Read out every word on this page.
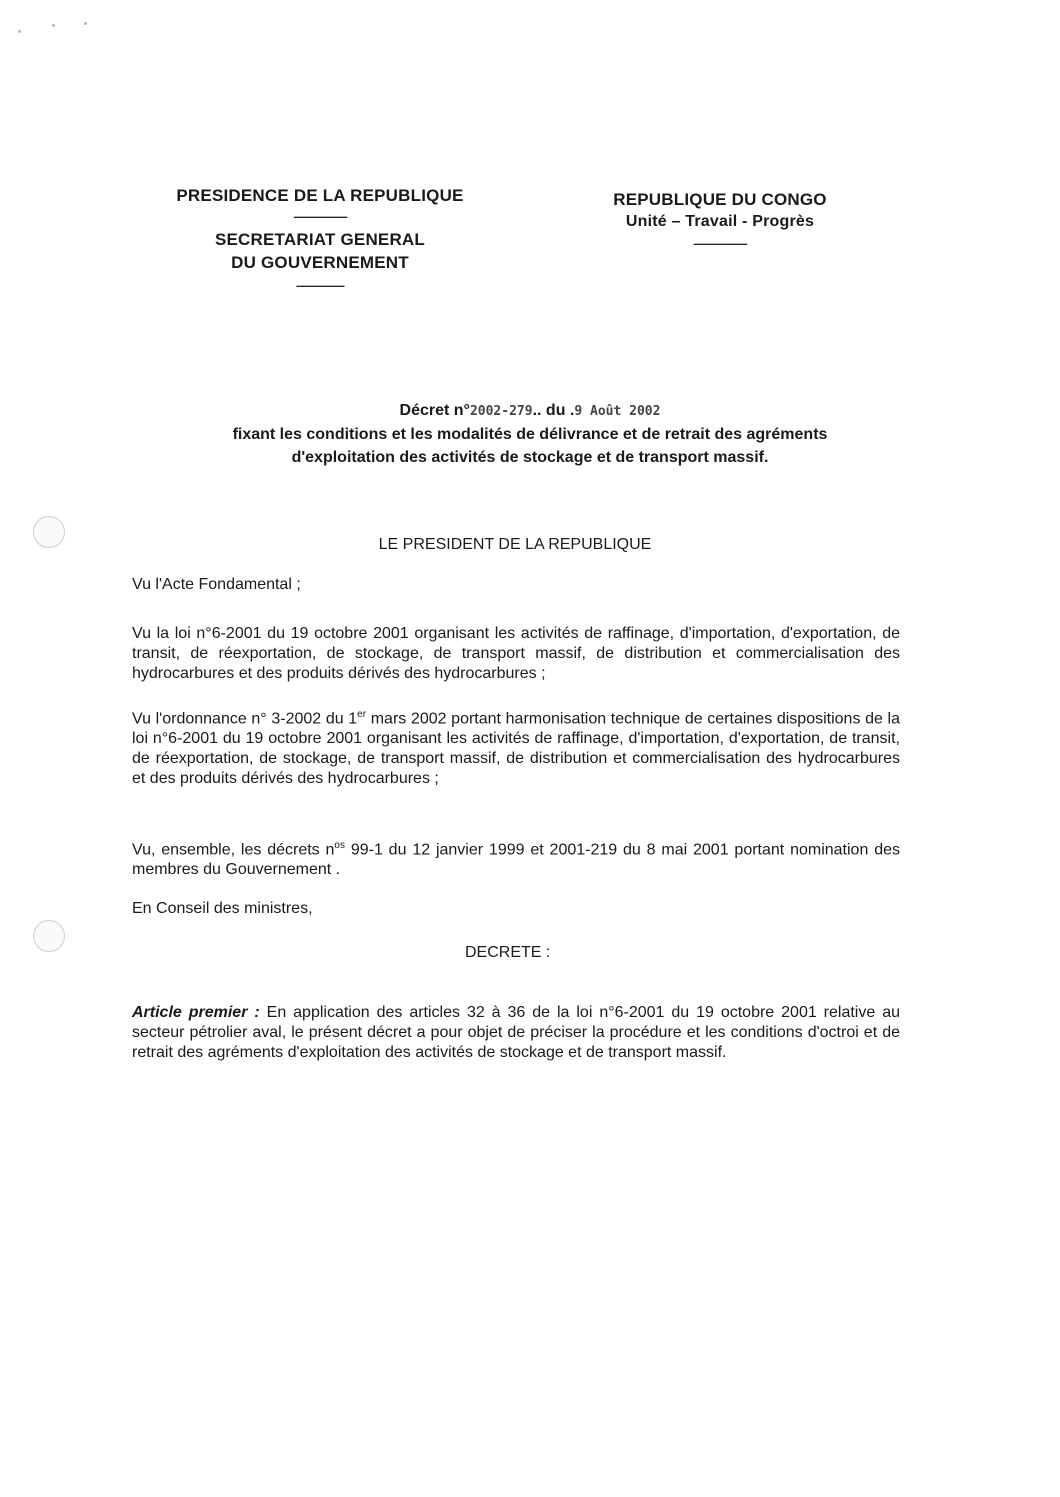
PRESIDENCE DE LA REPUBLIQUE
--------------------
SECRETARIAT GENERAL
DU GOUVERNEMENT
------------------
REPUBLIQUE DU CONGO
Unité – Travail - Progrès
--------------------
Décret n°2002-279.. du .9 Août 2002
fixant les conditions et les modalités de délivrance et de retrait des agréments
d'exploitation des activités de stockage et de transport massif.
LE PRESIDENT DE LA REPUBLIQUE
Vu l'Acte Fondamental ;
Vu la loi n°6-2001 du 19 octobre 2001 organisant les activités de raffinage, d'importation, d'exportation, de transit, de réexportation, de stockage, de transport massif, de distribution et commercialisation des hydrocarbures et des produits dérivés des hydrocarbures ;
Vu l'ordonnance n° 3-2002 du 1er mars 2002 portant harmonisation technique de certaines dispositions de la loi n°6-2001 du 19 octobre 2001 organisant les activités de raffinage, d'importation, d'exportation, de transit, de réexportation, de stockage, de transport massif, de distribution et commercialisation des hydrocarbures et des produits dérivés des hydrocarbures ;
Vu, ensemble, les décrets $n^{os}$ 99-1 du 12 janvier 1999 et 2001-219 du 8 mai 2001 portant nomination des membres du Gouvernement .
En Conseil des ministres,
DECRETE :
Article premier : En application des articles 32 à 36 de la loi n°6-2001 du 19 octobre 2001 relative au secteur pétrolier aval, le présent décret a pour objet de préciser la procédure et les conditions d'octroi et de retrait des agréments d'exploitation des activités de stockage et de transport massif.
